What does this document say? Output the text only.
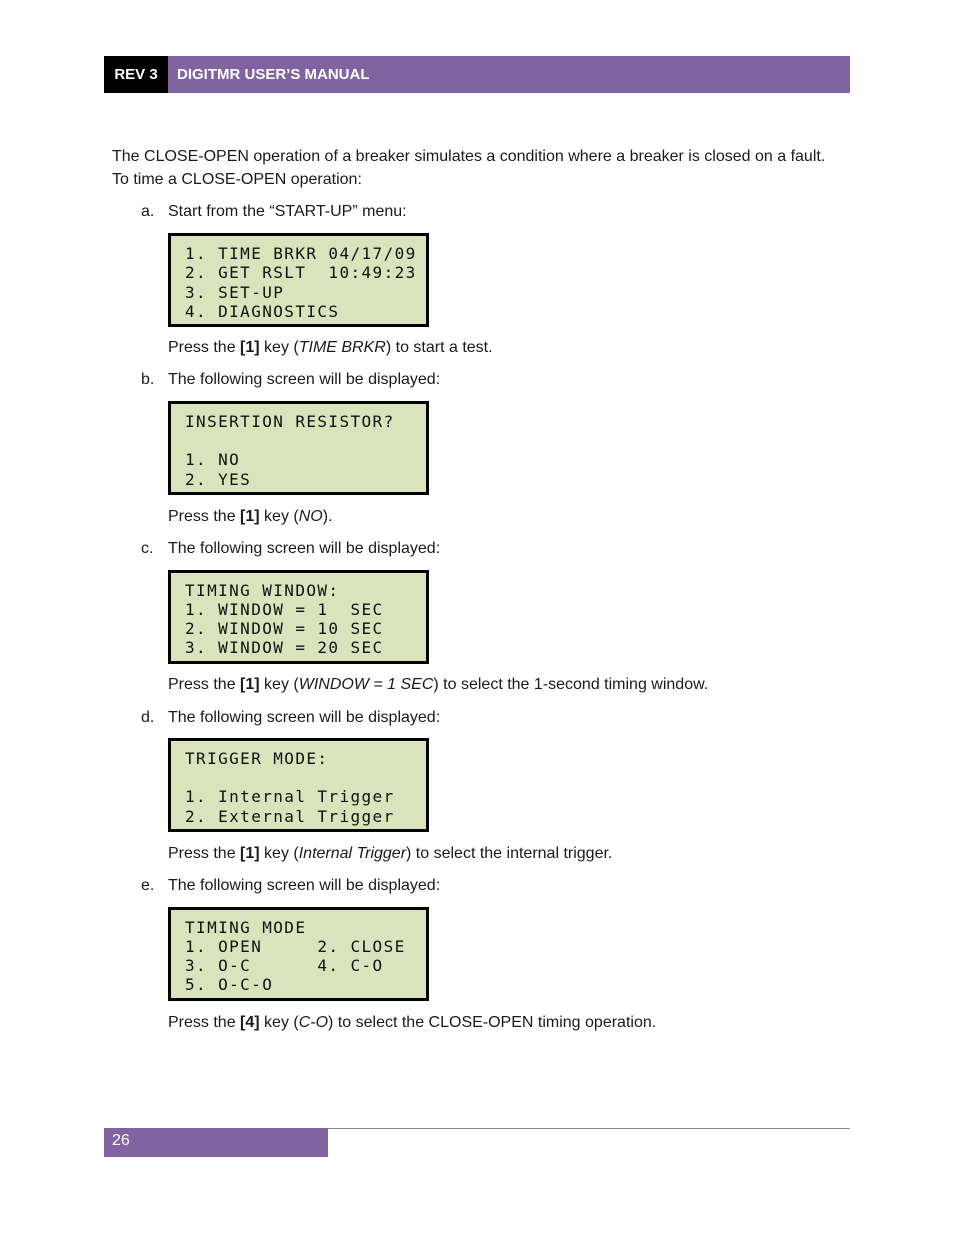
REV 3	DIGITMR USER’S MANUAL
The CLOSE-OPEN operation of a breaker simulates a condition where a breaker is closed on a fault. To time a CLOSE-OPEN operation:
a. Start from the “START-UP” menu:
1. TIME BRKR 04/17/09
2. GET RSLT  10:49:23
3. SET-UP
4. DIAGNOSTICS
Press the [1] key (TIME BRKR) to start a test.
b. The following screen will be displayed:
INSERTION RESISTOR?
1. NO
2. YES
Press the [1] key (NO).
c. The following screen will be displayed:
TIMING WINDOW:
1. WINDOW = 1  SEC
2. WINDOW = 10 SEC
3. WINDOW = 20 SEC
Press the [1] key (WINDOW = 1 SEC) to select the 1-second timing window.
d. The following screen will be displayed:
TRIGGER MODE:
1. Internal Trigger
2. External Trigger
Press the [1] key (Internal Trigger) to select the internal trigger.
e. The following screen will be displayed:
TIMING MODE
1. OPEN     2. CLOSE
3. O-C      4. C-O
5. O-C-O
Press the [4] key (C-O) to select the CLOSE-OPEN timing operation.
26
